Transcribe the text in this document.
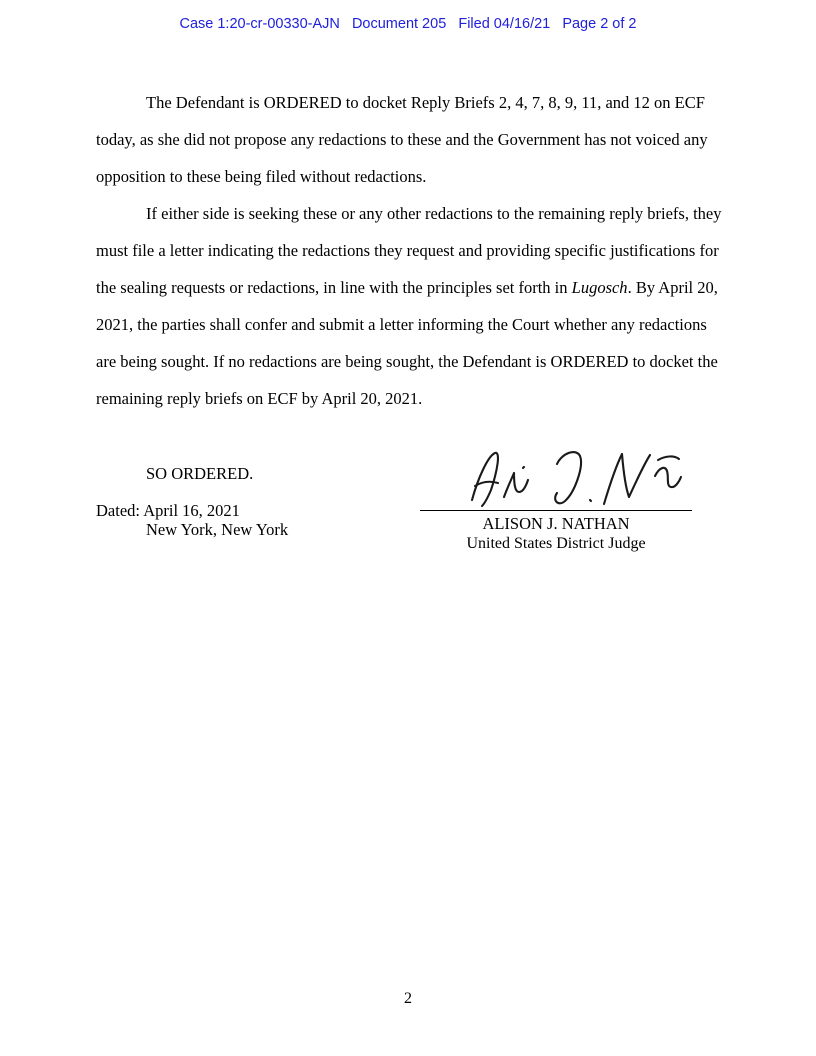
Case 1:20-cr-00330-AJN   Document 205   Filed 04/16/21   Page 2 of 2

The Defendant is ORDERED to docket Reply Briefs 2, 4, 7, 8, 9, 11, and 12 on ECF today, as she did not propose any redactions to these and the Government has not voiced any opposition to these being filed without redactions.

If either side is seeking these or any other redactions to the remaining reply briefs, they must file a letter indicating the redactions they request and providing specific justifications for the sealing requests or redactions, in line with the principles set forth in Lugosch. By April 20, 2021, the parties shall confer and submit a letter informing the Court whether any redactions are being sought. If no redactions are being sought, the Defendant is ORDERED to docket the remaining reply briefs on ECF by April 20, 2021.

SO ORDERED.
Dated: April 16, 2021
New York, New York	ALISON J. NATHAN
United States District Judge
2
